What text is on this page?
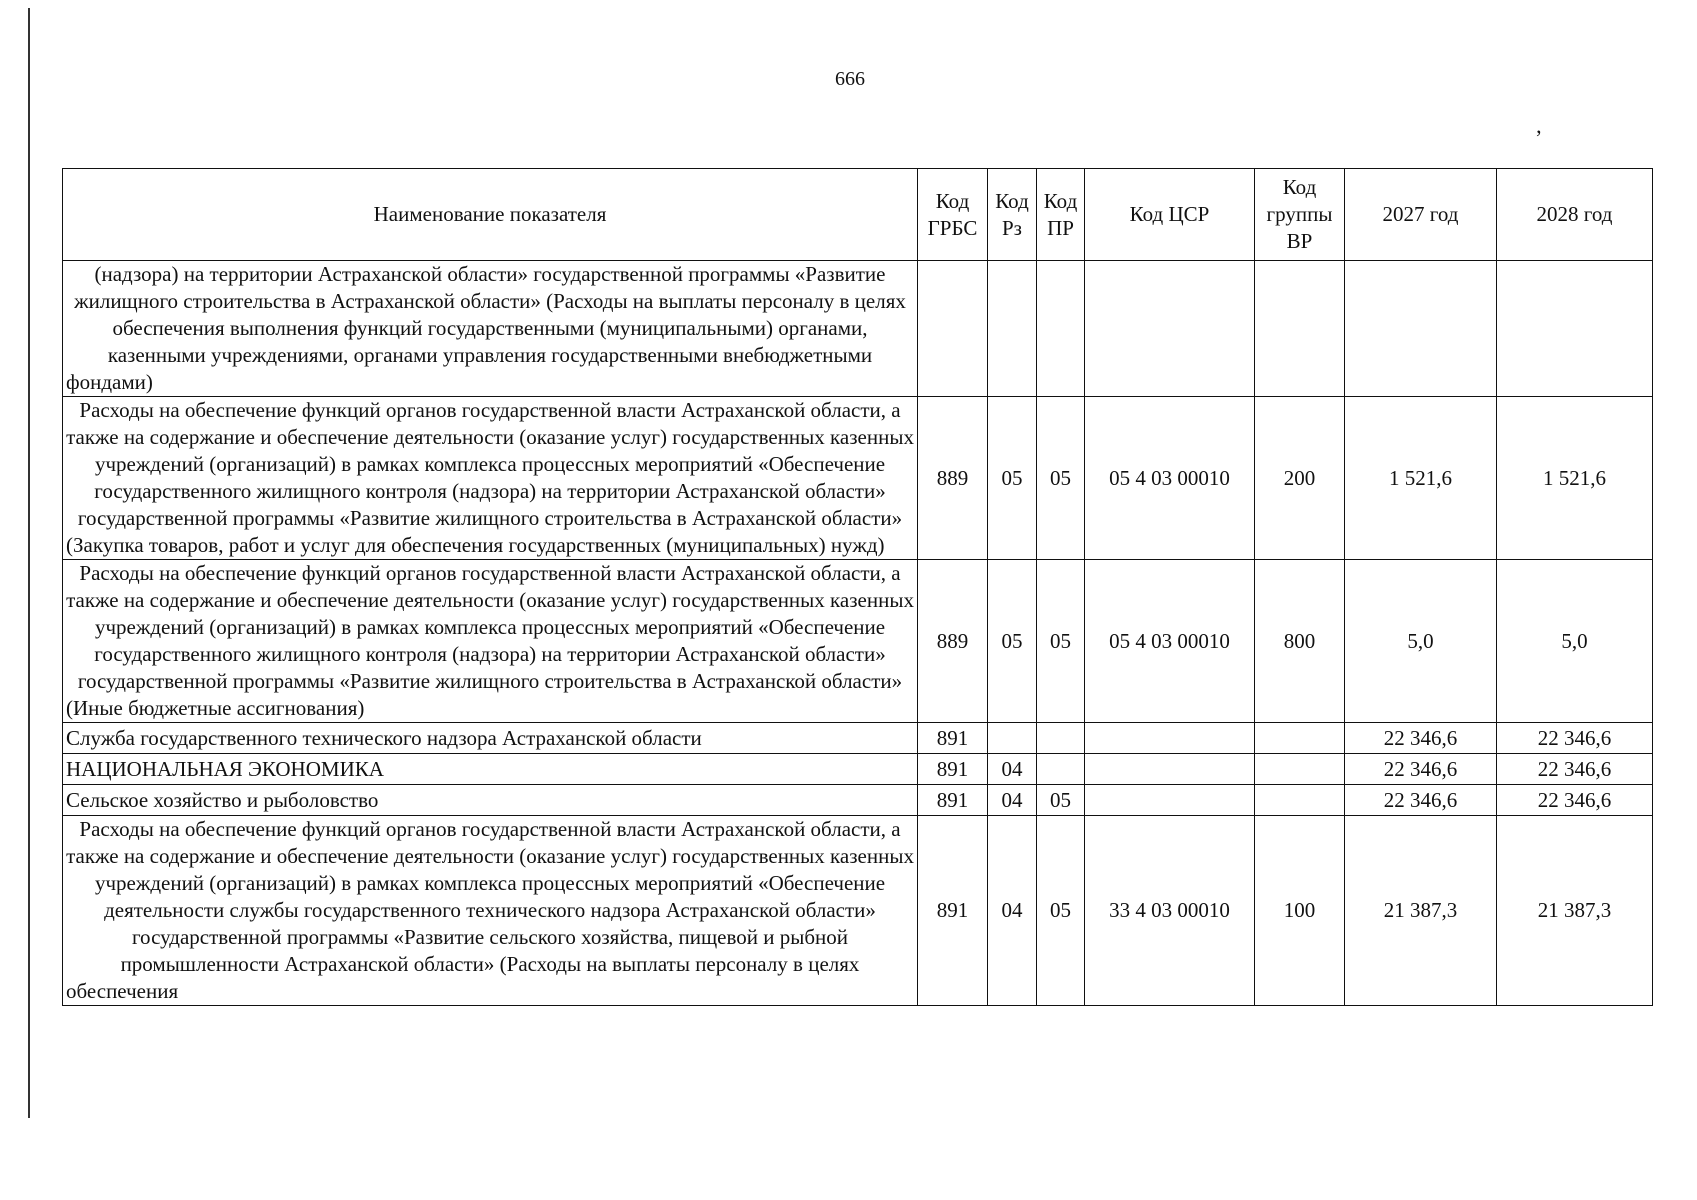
666
’
Наименование показателя	Код ГРБС	Код Рз	Код ПР	Код ЦСР	Код группы ВР	2027 год	2028 год
(надзора) на территории Астраханской области» государственной программы «Развитие жилищного строительства в Астраханской области» (Расходы на выплаты персоналу в целях обеспечения выполнения функций государственными (муниципальными) органами, казенными учреждениями, органами управления государственными внебюджетными фондами)							
Расходы на обеспечение функций органов государственной власти Астраханской области, а также на содержание и обеспечение деятельности (оказание услуг) государственных казенных учреждений (организаций) в рамках комплекса процессных мероприятий «Обеспечение государственного жилищного контроля (надзора) на территории Астраханской области» государственной программы «Развитие жилищного строительства в Астраханской области» (Закупка товаров, работ и услуг для обеспечения государственных (муниципальных) нужд)	889	05	05	05 4 03 00010	200	1 521,6	1 521,6
Расходы на обеспечение функций органов государственной власти Астраханской области, а также на содержание и обеспечение деятельности (оказание услуг) государственных казенных учреждений (организаций) в рамках комплекса процессных мероприятий «Обеспечение государственного жилищного контроля (надзора) на территории Астраханской области» государственной программы «Развитие жилищного строительства в Астраханской области» (Иные бюджетные ассигнования)	889	05	05	05 4 03 00010	800	5,0	5,0
Служба государственного технического надзора Астраханской области	891					22 346,6	22 346,6
НАЦИОНАЛЬНАЯ ЭКОНОМИКА	891	04				22 346,6	22 346,6
Сельское хозяйство и рыболовство	891	04	05			22 346,6	22 346,6
Расходы на обеспечение функций органов государственной власти Астраханской области, а также на содержание и обеспечение деятельности (оказание услуг) государственных казенных учреждений (организаций) в рамках комплекса процессных мероприятий «Обеспечение деятельности службы государственного технического надзора Астраханской области» государственной программы «Развитие сельского хозяйства, пищевой и рыбной промышленности Астраханской области» (Расходы на выплаты персоналу в целях обеспечения	891	04	05	33 4 03 00010	100	21 387,3	21 387,3
